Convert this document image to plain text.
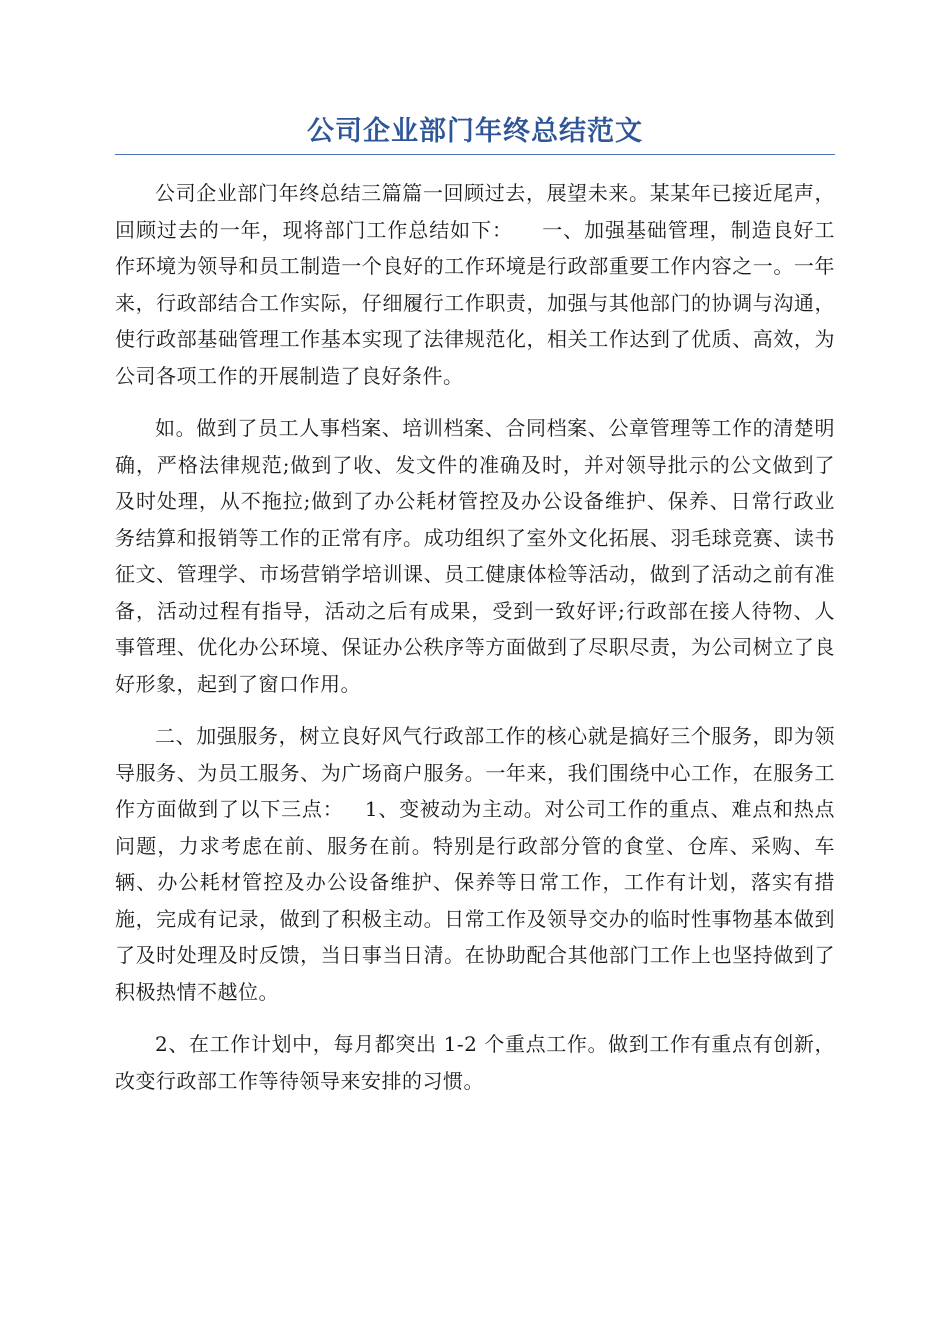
公司企业部门年终总结范文

公司企业部门年终总结三篇篇一回顾过去，展望未来。某某年已接近尾声，回顾过去的一年，现将部门工作总结如下：    一、加强基础管理，制造良好工作环境为领导和员工制造一个良好的工作环境是行政部重要工作内容之一。一年来，行政部结合工作实际，仔细履行工作职责，加强与其他部门的协调与沟通，使行政部基础管理工作基本实现了法律规范化，相关工作达到了优质、高效，为公司各项工作的开展制造了良好条件。

如。做到了员工人事档案、培训档案、合同档案、公章管理等工作的清楚明确，严格法律规范;做到了收、发文件的准确及时，并对领导批示的公文做到了及时处理，从不拖拉;做到了办公耗材管控及办公设备维护、保养、日常行政业务结算和报销等工作的正常有序。成功组织了室外文化拓展、羽毛球竞赛、读书征文、管理学、市场营销学培训课、员工健康体检等活动，做到了活动之前有准备，活动过程有指导，活动之后有成果，受到一致好评;行政部在接人待物、人事管理、优化办公环境、保证办公秩序等方面做到了尽职尽责，为公司树立了良好形象，起到了窗口作用。

二、加强服务，树立良好风气行政部工作的核心就是搞好三个服务，即为领导服务、为员工服务、为广场商户服务。一年来，我们围绕中心工作，在服务工作方面做到了以下三点：   1、变被动为主动。对公司工作的重点、难点和热点问题，力求考虑在前、服务在前。特别是行政部分管的食堂、仓库、采购、车辆、办公耗材管控及办公设备维护、保养等日常工作，工作有计划，落实有措施，完成有记录，做到了积极主动。日常工作及领导交办的临时性事物基本做到了及时处理及时反馈，当日事当日清。在协助配合其他部门工作上也坚持做到了积极热情不越位。

2、在工作计划中，每月都突出 1-2 个重点工作。做到工作有重点有创新，改变行政部工作等待领导来安排的习惯。
